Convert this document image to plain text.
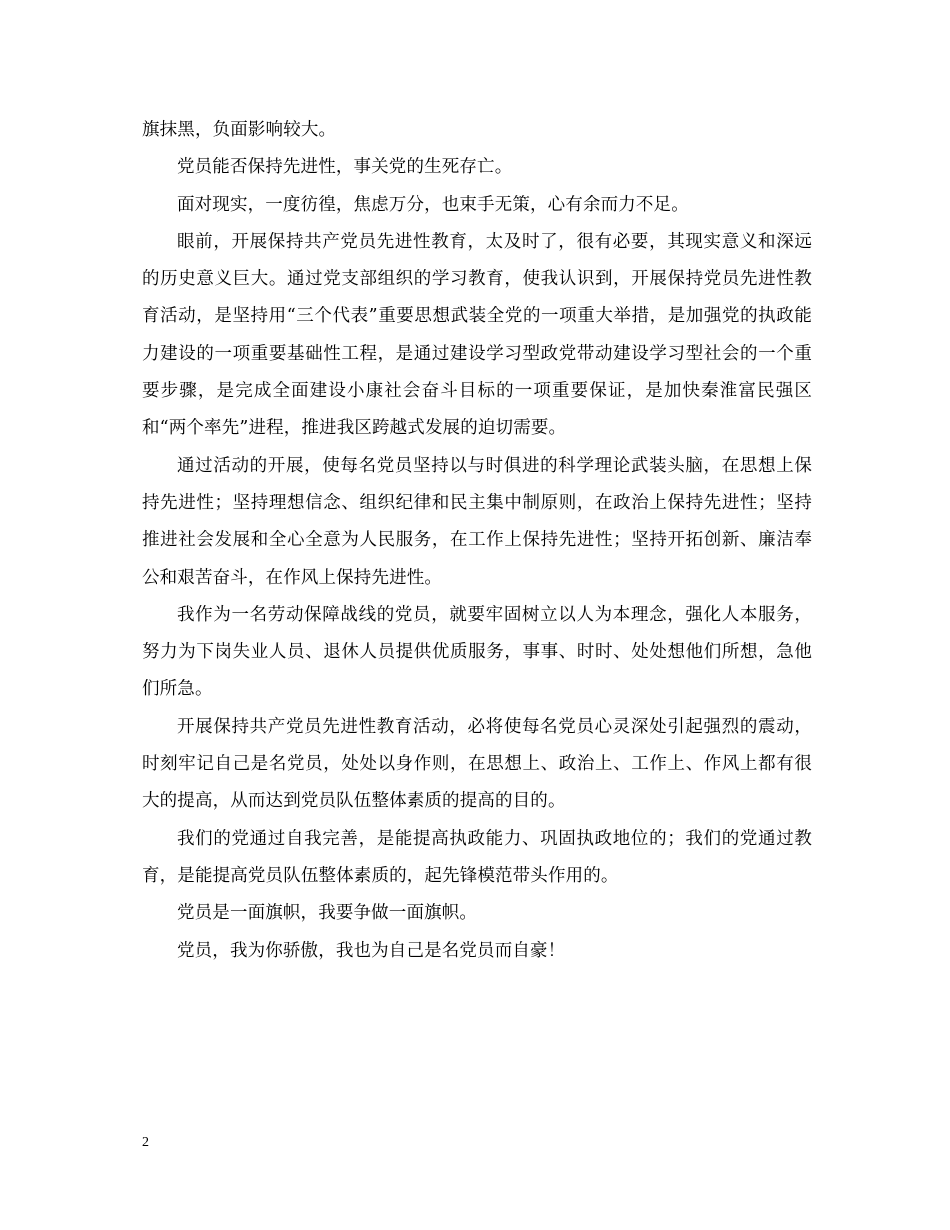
旗抹黑，负面影响较大。

党员能否保持先进性，事关党的生死存亡。

面对现实，一度彷徨，焦虑万分，也束手无策，心有余而力不足。

眼前，开展保持共产党员先进性教育，太及时了，很有必要，其现实意义和深远的历史意义巨大。通过党支部组织的学习教育，使我认识到，开展保持党员先进性教育活动，是坚持用“三个代表”重要思想武装全党的一项重大举措，是加强党的执政能力建设的一项重要基础性工程，是通过建设学习型政党带动建设学习型社会的一个重要步骤，是完成全面建设小康社会奋斗目标的一项重要保证，是加快秦淮富民强区和“两个率先”进程，推进我区跨越式发展的迫切需要。

通过活动的开展，使每名党员坚持以与时俱进的科学理论武装头脑，在思想上保持先进性；坚持理想信念、组织纪律和民主集中制原则，在政治上保持先进性；坚持推进社会发展和全心全意为人民服务，在工作上保持先进性；坚持开拓创新、廉洁奉公和艰苦奋斗，在作风上保持先进性。

我作为一名劳动保障战线的党员，就要牢固树立以人为本理念，强化人本服务，努力为下岗失业人员、退休人员提供优质服务，事事、时时、处处想他们所想，急他们所急。

开展保持共产党员先进性教育活动，必将使每名党员心灵深处引起强烈的震动，时刻牢记自己是名党员，处处以身作则，在思想上、政治上、工作上、作风上都有很大的提高，从而达到党员队伍整体素质的提高的目的。

我们的党通过自我完善，是能提高执政能力、巩固执政地位的；我们的党通过教育，是能提高党员队伍整体素质的，起先锋模范带头作用的。

党员是一面旗帜，我要争做一面旗帜。

党员，我为你骄傲，我也为自己是名党员而自豪！

2
